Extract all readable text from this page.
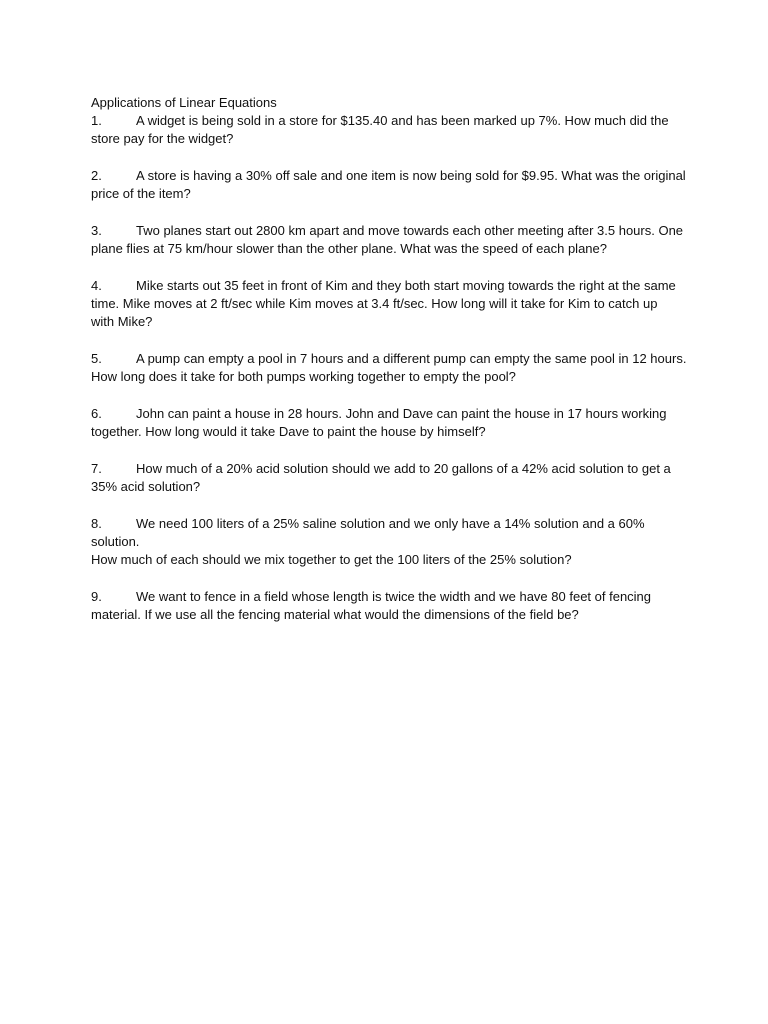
Applications of Linear Equations
1.	A widget is being sold in a store for $135.40 and has been marked up 7%. How much did the
store pay for the widget?
2.	A store is having a 30% off sale and one item is now being sold for $9.95. What was the original
price of the item?
3.	Two planes start out 2800 km apart and move towards each other meeting after 3.5 hours. One
plane flies at 75 km/hour slower than the other plane. What was the speed of each plane?
4.	Mike starts out 35 feet in front of Kim and they both start moving towards the right at the same
time. Mike moves at 2 ft/sec while Kim moves at 3.4 ft/sec. How long will it take for Kim to catch up
with Mike?
5.	A pump can empty a pool in 7 hours and a different pump can empty the same pool in 12 hours.
How long does it take for both pumps working together to empty the pool?
6.	John can paint a house in 28 hours. John and Dave can paint the house in 17 hours working
together. How long would it take Dave to paint the house by himself?
7.	How much of a 20% acid solution should we add to 20 gallons of a 42% acid solution to get a
35% acid solution?
8.	We need 100 liters of a 25% saline solution and we only have a 14% solution and a 60% solution.
How much of each should we mix together to get the 100 liters of the 25% solution?
9.	We want to fence in a field whose length is twice the width and we have 80 feet of fencing
material. If we use all the fencing material what would the dimensions of the field be?
